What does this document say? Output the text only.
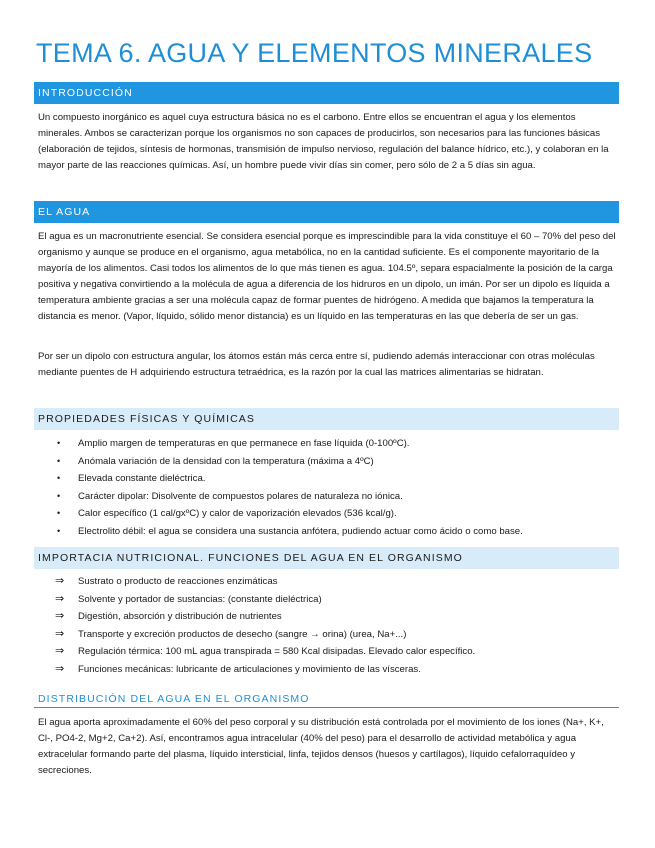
TEMA 6. AGUA Y ELEMENTOS MINERALES
INTRODUCCIÓN

Un compuesto inorgánico es aquel cuya estructura básica no es el carbono. Entre ellos se encuentran el agua y los elementos minerales. Ambos se caracterizan porque los organismos no son capaces de producirlos, son necesarios para las funciones básicas (elaboración de tejidos, síntesis de hormonas, transmisión de impulso nervioso, regulación del balance hídrico, etc.), y colaboran en la mayor parte de las reacciones químicas. Así, un hombre puede vivir días sin comer, pero sólo de 2 a 5 días sin agua.

EL AGUA

El agua es un macronutriente esencial. Se considera esencial porque es imprescindible para la vida constituye el 60 – 70% del peso del organismo y aunque se produce en el organismo, agua metabólica, no en la cantidad suficiente. Es el componente mayoritario de la mayoría de los alimentos. Casi todos los alimentos de lo que más tienen es agua. 104.5º, separa espacialmente la posición de la carga positiva y negativa convirtiendo a la molécula de agua a diferencia de los hidruros en un dipolo, un imán. Por ser un dipolo es líquida a temperatura ambiente gracias a ser una molécula capaz de formar puentes de hidrógeno. A medida que bajamos la temperatura la distancia es menor. (Vapor, líquido, sólido menor distancia) es un líquido en las temperaturas en las que debería de ser un gas.

Por ser un dipolo con estructura angular, los átomos están más cerca entre sí, pudiendo además interaccionar con otras moléculas mediante puentes de H adquiriendo estructura tetraédrica, es la razón por la cual las matrices alimentarias se hidratan.

PROPIEDADES FÍSICAS Y QUÍMICAS
• Amplio margen de temperaturas en que permanece en fase líquida (0-100ºC).
• Anómala variación de la densidad con la temperatura (máxima a 4ºC)
• Elevada constante dieléctrica.
• Carácter dipolar: Disolvente de compuestos polares de naturaleza no iónica.
• Calor específico (1 cal/gxºC) y calor de vaporización elevados (536 kcal/g).
• Electrolito débil: el agua se considera una sustancia anfótera, pudiendo actuar como ácido o como base.
IMPORTACIA NUTRICIONAL. FUNCIONES DEL AGUA EN EL ORGANISMO
⇒ Sustrato o producto de reacciones enzimáticas
⇒ Solvente y portador de sustancias: (constante dieléctrica)
⇒ Digestión, absorción y distribución de nutrientes
⇒ Transporte y excreción productos de desecho (sangre → orina) (urea, Na+...)
⇒ Regulación térmica: 100 mL agua transpirada = 580 Kcal disipadas. Elevado calor específico.
⇒ Funciones mecánicas: lubricante de articulaciones y movimiento de las vísceras.
DISTRIBUCIÓN DEL AGUA EN EL ORGANISMO

El agua aporta aproximadamente el 60% del peso corporal y su distribución está controlada por el movimiento de los iones (Na+, K+, Cl-, PO4-2, Mg+2, Ca+2). Así, encontramos agua intracelular (40% del peso) para el desarrollo de actividad metabólica y agua extracelular formando parte del plasma, líquido intersticial, linfa, tejidos densos (huesos y cartílagos), líquido cefalorraquídeo y secreciones.
